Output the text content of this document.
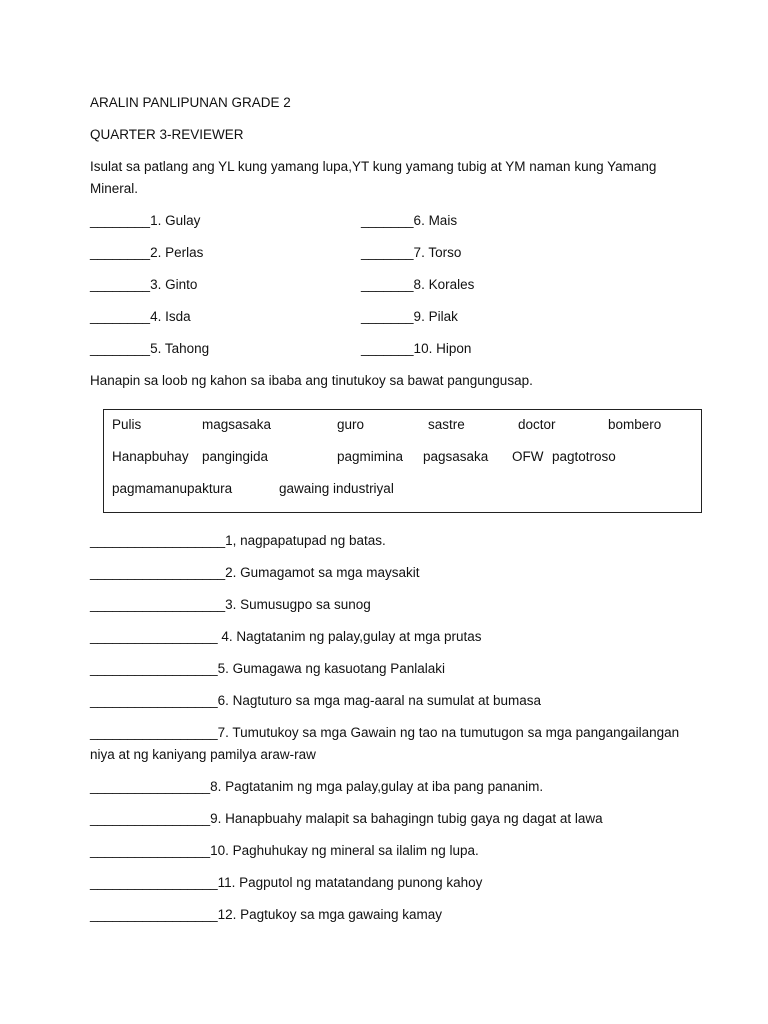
ARALIN PANLIPUNAN GRADE 2
QUARTER 3-REVIEWER
Isulat sa patlang ang YL kung yamang lupa,YT kung yamang tubig at YM naman kung Yamang Mineral.
________1. Gulay
________2. Perlas
________3. Ginto
________4. Isda
________5. Tahong
_______6. Mais
_______7. Torso
_______8. Korales
_______9. Pilak
_______10. Hipon
Hanapin sa loob ng kahon sa ibaba ang tinutukoy sa bawat pangungusap.
Pulis	magsasaka	guro	sastre	doctor	bombero
Hanapbuhay pangingida	pagmimina pagsasaka OFW pagtotroso
pagmamanupaktura	gawaing industriyal
__________________1, nagpapatupad ng batas.
__________________2. Gumagamot sa mga maysakit
__________________3. Sumusugpo sa sunog
_________________ 4. Nagtatanim ng palay,gulay at mga prutas
_________________5. Gumagawa ng kasuotang Panlalaki
_________________6. Nagtuturo sa mga mag-aaral na sumulat at bumasa
_________________7. Tumutukoy sa mga Gawain ng tao na tumutugon sa mga pangangailangan niya at ng kaniyang pamilya araw-raw
________________8. Pagtatanim ng mga palay,gulay at iba pang pananim.
________________9. Hanapbuahy malapit sa bahagingn tubig gaya ng dagat at lawa
________________10. Paghuhukay ng mineral sa ilalim ng lupa.
_________________11. Pagputol ng matatandang punong kahoy
_________________12. Pagtukoy sa mga gawaing kamay
